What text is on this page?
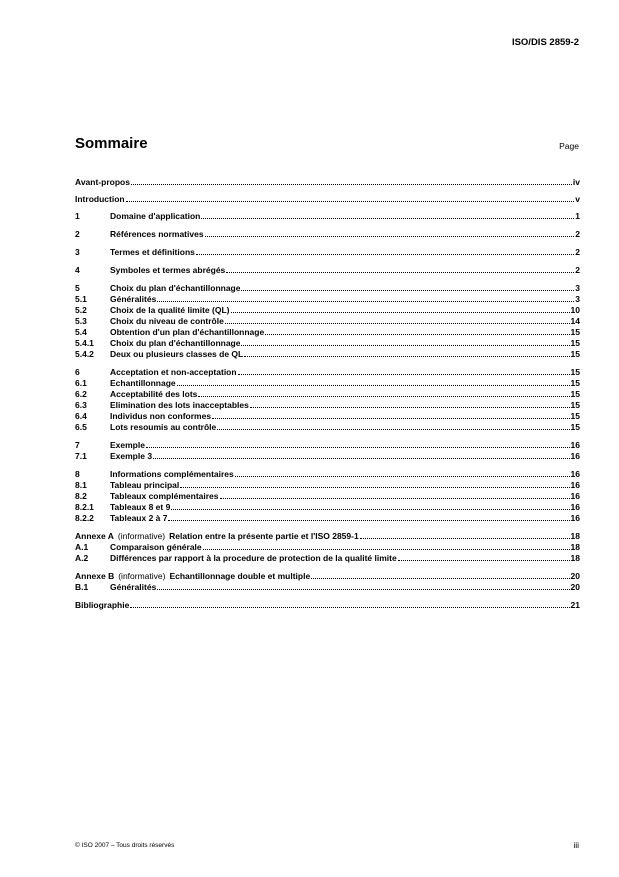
ISO/DIS 2859-2
Sommaire	Page
Avant-propos	iv
Introduction	v
1	Domaine d'application	1
2	Références normatives	2
3	Termes et définitions	2
4	Symboles et termes abrégés	2
5	Choix du plan d'échantillonnage	3
5.1	Généralités	3
5.2	Choix de la qualité limite (QL)	10
5.3	Choix du niveau de contrôle	14
5.4	Obtention d'un plan d'échantillonnage	15
5.4.1	Choix du plan d'échantillonnage	15
5.4.2	Deux ou plusieurs classes de QL	15
6	Acceptation et non-acceptation	15
6.1	Echantillonnage	15
6.2	Acceptabilité des lots	15
6.3	Elimination des lots inacceptables	15
6.4	Individus non conformes	15
6.5	Lots resoumis au contrôle	15
7	Exemple	16
7.1	Exemple 3	16
8	Informations complémentaires	16
8.1	Tableau principal	16
8.2	Tableaux complémentaires	16
8.2.1	Tableaux 8 et 9	16
8.2.2	Tableaux 2 à 7	16
Annexe A (informative) Relation entre la présente partie et l'ISO 2859-1	18
A.1	Comparaison générale	18
A.2	Différences par rapport à la procedure de protection de la qualité limite	18
Annexe B (informative) Echantillonnage double et multiple	20
B.1	Généralités	20
Bibliographie	21
© ISO 2007 – Tous droits réservés	iii
